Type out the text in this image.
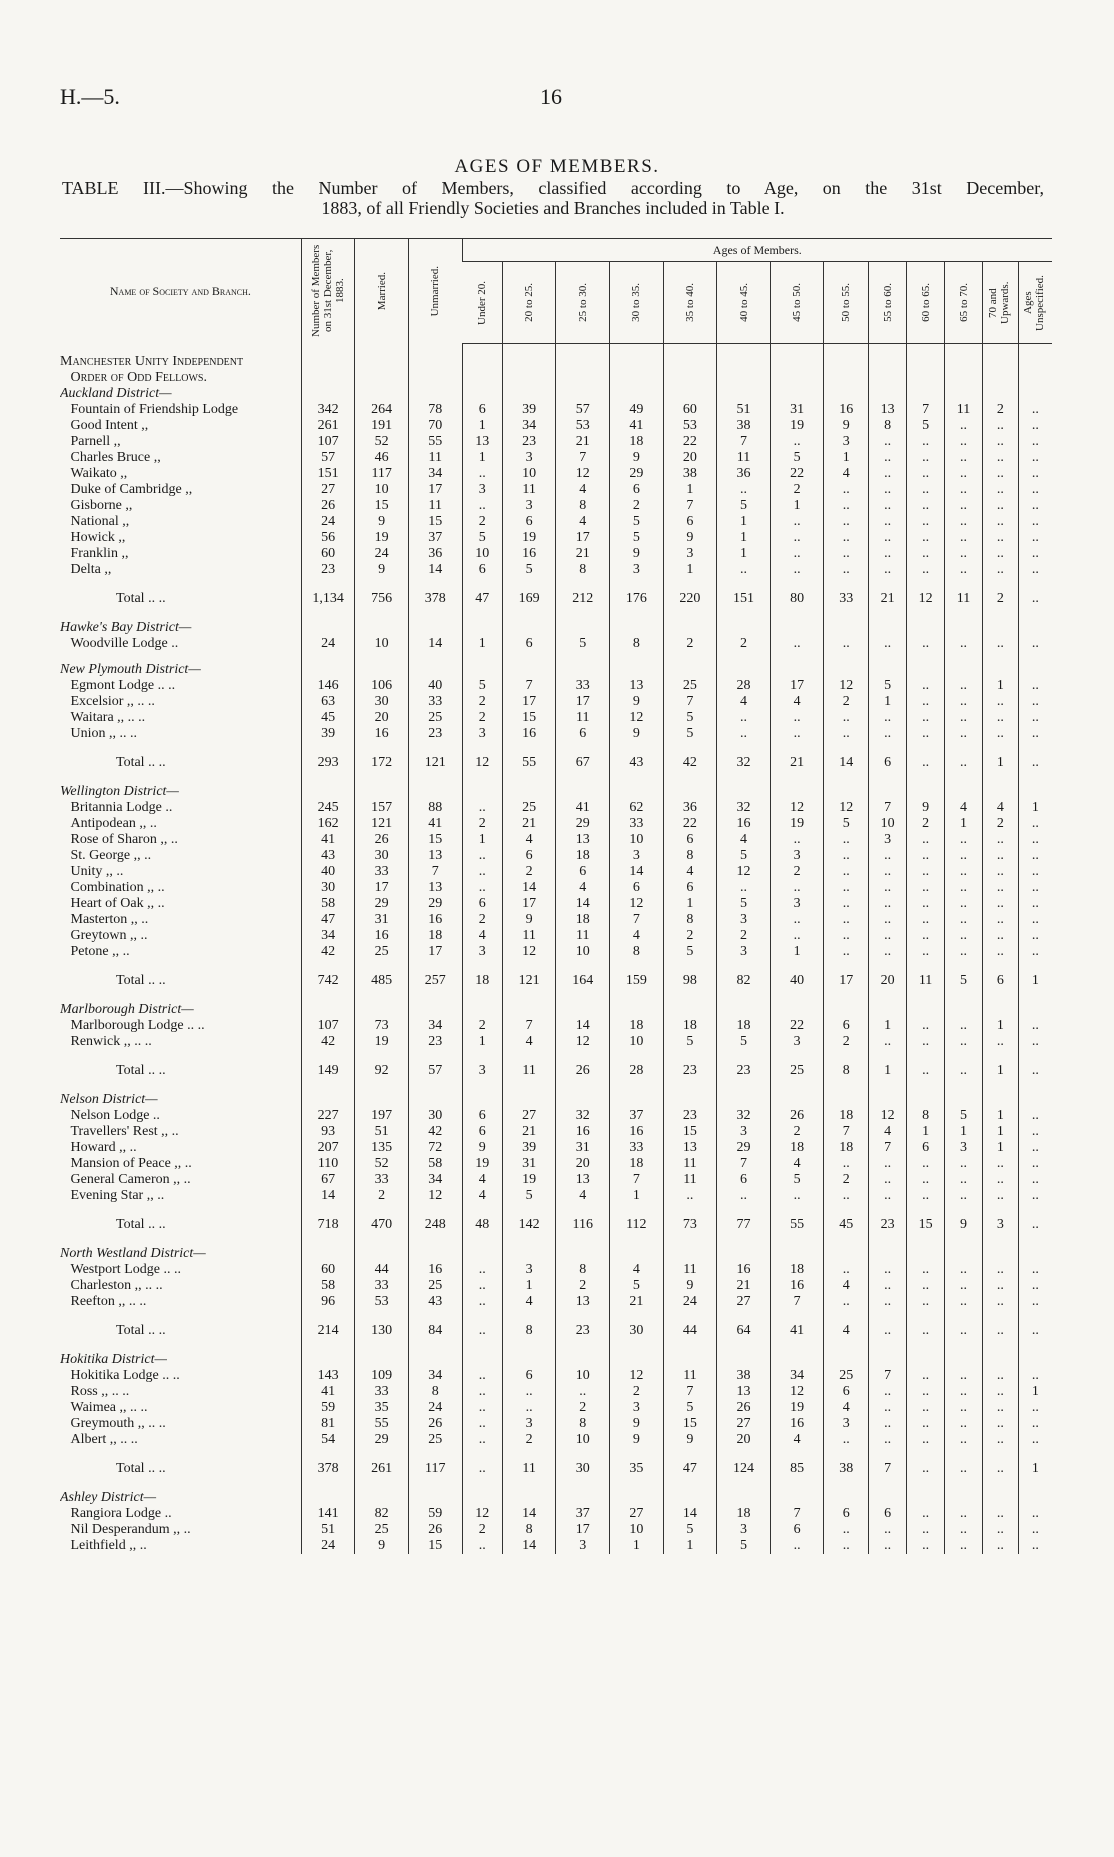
H.—5.	16
AGES OF MEMBERS.
TABLE III.—Showing the Number of Members, classified according to Age, on the 31st December,
1883, of all Friendly Societies and Branches included in Table I.
Name of Society and Branch.	Number of Members on 31st December, 1883.	Married.	Unmarried.	Ages of Members.												

				Under 20.	20 to 25.	25 to 30.	30 to 35.	35 to 40.	40 to 45.	45 to 50.	50 to 55.	55 to 60.	60 to 65.	65 to 70.	70 and Upwards.	Ages Unspecified.

Manchester Unity Independent																
Order of Odd Fellows.																
Auckland District—																
Fountain of Friendship Lodge	342	264	78	6	39	57	49	60	51	31	16	13	7	11	2	..
Good Intent ,,	261	191	70	1	34	53	41	53	38	19	9	8	5	..	..	..
Parnell ,,	107	52	55	13	23	21	18	22	7	..	3	..	..	..	..	..
Charles Bruce ,,	57	46	11	1	3	7	9	20	11	5	1	..	..	..	..	..
Waikato ,,	151	117	34	..	10	12	29	38	36	22	4	..	..	..	..	..
Duke of Cambridge ,,	27	10	17	3	11	4	6	1	..	2	..	..	..	..	..	..
Gisborne ,,	26	15	11	..	3	8	2	7	5	1	..	..	..	..	..	..
National ,,	24	9	15	2	6	4	5	6	1	..	..	..	..	..	..	..
Howick ,,	56	19	37	5	19	17	5	9	1	..	..	..	..	..	..	..
Franklin ,,	60	24	36	10	16	21	9	3	1	..	..	..	..	..	..	..
Delta ,,	23	9	14	6	5	8	3	1	..	..	..	..	..	..	..	..

Total .. ..	1,134	756	378	47	169	212	176	220	151	80	33	21	12	11	2	..

Hawke's Bay District—																
Woodville Lodge ..	24	10	14	1	6	5	8	2	2	..	..	..	..	..	..	..

New Plymouth District—																
Egmont Lodge .. ..	146	106	40	5	7	33	13	25	28	17	12	5	..	..	1	..
Excelsior ,, .. ..	63	30	33	2	17	17	9	7	4	4	2	1	..	..	..	..
Waitara ,, .. ..	45	20	25	2	15	11	12	5	..	..	..	..	..	..	..	..
Union ,, .. ..	39	16	23	3	16	6	9	5	..	..	..	..	..	..	..	..

Total .. ..	293	172	121	12	55	67	43	42	32	21	14	6	..	..	1	..

Wellington District—																
Britannia Lodge ..	245	157	88	..	25	41	62	36	32	12	12	7	9	4	4	1
Antipodean ,, ..	162	121	41	2	21	29	33	22	16	19	5	10	2	1	2	..
Rose of Sharon ,, ..	41	26	15	1	4	13	10	6	4	..	..	3	..	..	..	..
St. George ,, ..	43	30	13	..	6	18	3	8	5	3	..	..	..	..	..	..
Unity ,, ..	40	33	7	..	2	6	14	4	12	2	..	..	..	..	..	..
Combination ,, ..	30	17	13	..	14	4	6	6	..	..	..	..	..	..	..	..
Heart of Oak ,, ..	58	29	29	6	17	14	12	1	5	3	..	..	..	..	..	..
Masterton ,, ..	47	31	16	2	9	18	7	8	3	..	..	..	..	..	..	..
Greytown ,, ..	34	16	18	4	11	11	4	2	2	..	..	..	..	..	..	..
Petone ,, ..	42	25	17	3	12	10	8	5	3	1	..	..	..	..	..	..

Total .. ..	742	485	257	18	121	164	159	98	82	40	17	20	11	5	6	1

Marlborough District—																
Marlborough Lodge .. ..	107	73	34	2	7	14	18	18	18	22	6	1	..	..	1	..
Renwick ,, .. ..	42	19	23	1	4	12	10	5	5	3	2	..	..	..	..	..

Total .. ..	149	92	57	3	11	26	28	23	23	25	8	1	..	..	1	..

Nelson District—																
Nelson Lodge ..	227	197	30	6	27	32	37	23	32	26	18	12	8	5	1	..
Travellers' Rest ,, ..	93	51	42	6	21	16	16	15	3	2	7	4	1	1	1	..
Howard ,, ..	207	135	72	9	39	31	33	13	29	18	18	7	6	3	1	..
Mansion of Peace ,, ..	110	52	58	19	31	20	18	11	7	4	..	..	..	..	..	..
General Cameron ,, ..	67	33	34	4	19	13	7	11	6	5	2	..	..	..	..	..
Evening Star ,, ..	14	2	12	4	5	4	1	..	..	..	..	..	..	..	..	..

Total .. ..	718	470	248	48	142	116	112	73	77	55	45	23	15	9	3	..

North Westland District—																
Westport Lodge .. ..	60	44	16	..	3	8	4	11	16	18	..	..	..	..	..	..
Charleston ,, .. ..	58	33	25	..	1	2	5	9	21	16	4	..	..	..	..	..
Reefton ,, .. ..	96	53	43	..	4	13	21	24	27	7	..	..	..	..	..	..

Total .. ..	214	130	84	..	8	23	30	44	64	41	4	..	..	..	..	..

Hokitika District—																
Hokitika Lodge .. ..	143	109	34	..	6	10	12	11	38	34	25	7	..	..	..	..
Ross ,, .. ..	41	33	8	..	..	..	2	7	13	12	6	..	..	..	..	1
Waimea ,, .. ..	59	35	24	..	..	2	3	5	26	19	4	..	..	..	..	..
Greymouth ,, .. ..	81	55	26	..	3	8	9	15	27	16	3	..	..	..	..	..
Albert ,, .. ..	54	29	25	..	2	10	9	9	20	4	..	..	..	..	..	..

Total .. ..	378	261	117	..	11	30	35	47	124	85	38	7	..	..	..	1

Ashley District—																
Rangiora Lodge ..	141	82	59	12	14	37	27	14	18	7	6	6	..	..	..	..
Nil Desperandum ,, ..	51	25	26	2	8	17	10	5	3	6	..	..	..	..	..	..
Leithfield ,, ..	24	9	15	..	14	3	1	1	5	..	..	..	..	..	..	..
